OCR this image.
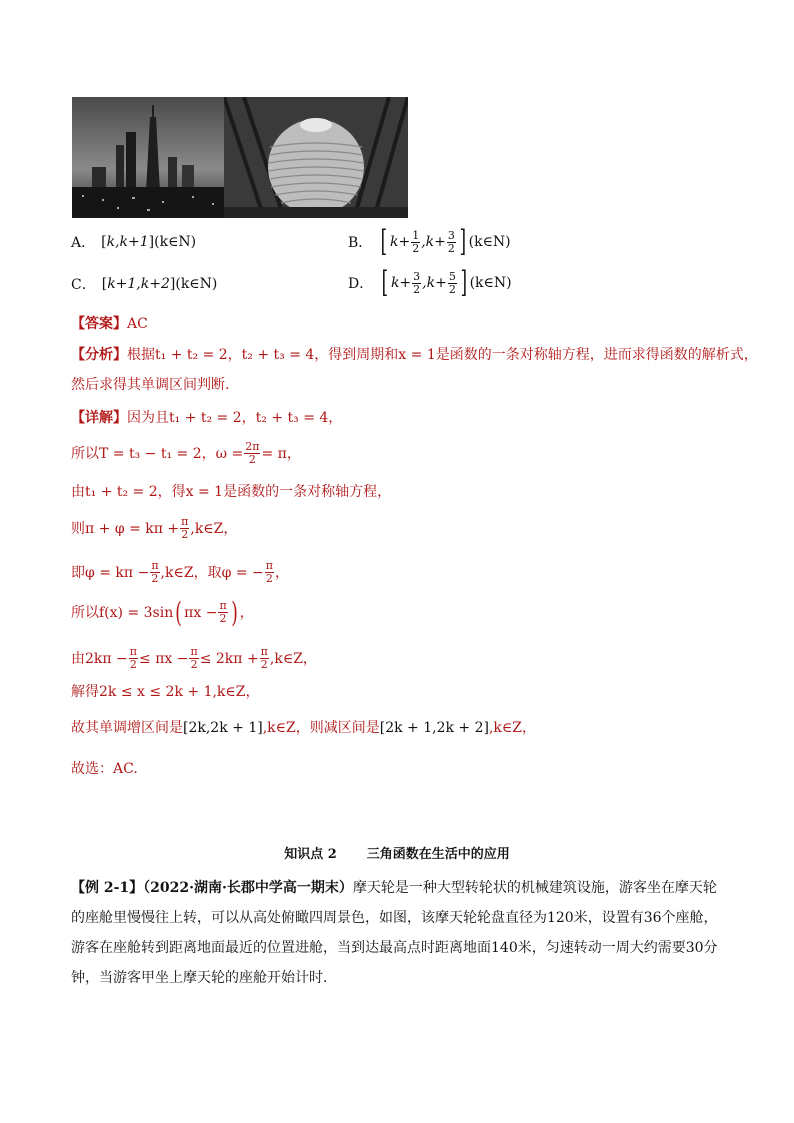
A． [ k,k+1 ] (k∈N)	B． [ $k+ \frac{1}{2} ,k+ \frac{3}{2}$ ] (k∈N)
C． [ k+1,k+2 ] (k∈N)	D． [ $k+ \frac{3}{2} ,k+ \frac{5}{2}$ ] (k∈N)
【答案】AC
【分析】根据t₁ + t₂ = 2，t₂ + t₃ = 4，得到周期和x = 1是函数的一条对称轴方程，进而求得函数的解析式，
然后求得其单调区间判断.
【详解】因为且t₁ + t₂ = 2，t₂ + t₃ = 4，
所以T = t₃ − t₁ = 2，$\omega = \frac{2\pi}{2} = \pi$，
由t₁ + t₂ = 2，得x = 1是函数的一条对称轴方程，
则$\pi + \varphi = k\pi + \frac{\pi}{2}$ ,k∈Z，
即$\varphi = k\pi - \frac{\pi}{2}$ ,k∈Z，取φ = − $\frac{\pi}{2}$ ，
所以f(x) = 3sin ( $\pi x - \frac{\pi}{2}$ ) ，
由$2k\pi - \frac{\pi}{2} \le \pi x - \frac{\pi}{2} \le 2k\pi + \frac{\pi}{2}$ ,k∈Z，
解得2k ≤ x ≤ 2k + 1,k∈Z，
故其单调增区间是[2k,2k + 1],k∈Z，则减区间是[2k + 1,2k + 2],k∈Z，
故选：AC.
知识点 2 三角函数在生活中的应用
【例 2-1】（2022·湖南·长郡中学高一期末）摩天轮是一种大型转轮状的机械建筑设施，游客坐在摩天轮的座舱里慢慢往上转，可以从高处俯瞰四周景色，如图，该摩天轮轮盘直径为120米，设置有36个座舱，游客在座舱转到距离地面最近的位置进舱，当到达最高点时距离地面140米，匀速转动一周大约需要30分钟，当游客甲坐上摩天轮的座舱开始计时.
